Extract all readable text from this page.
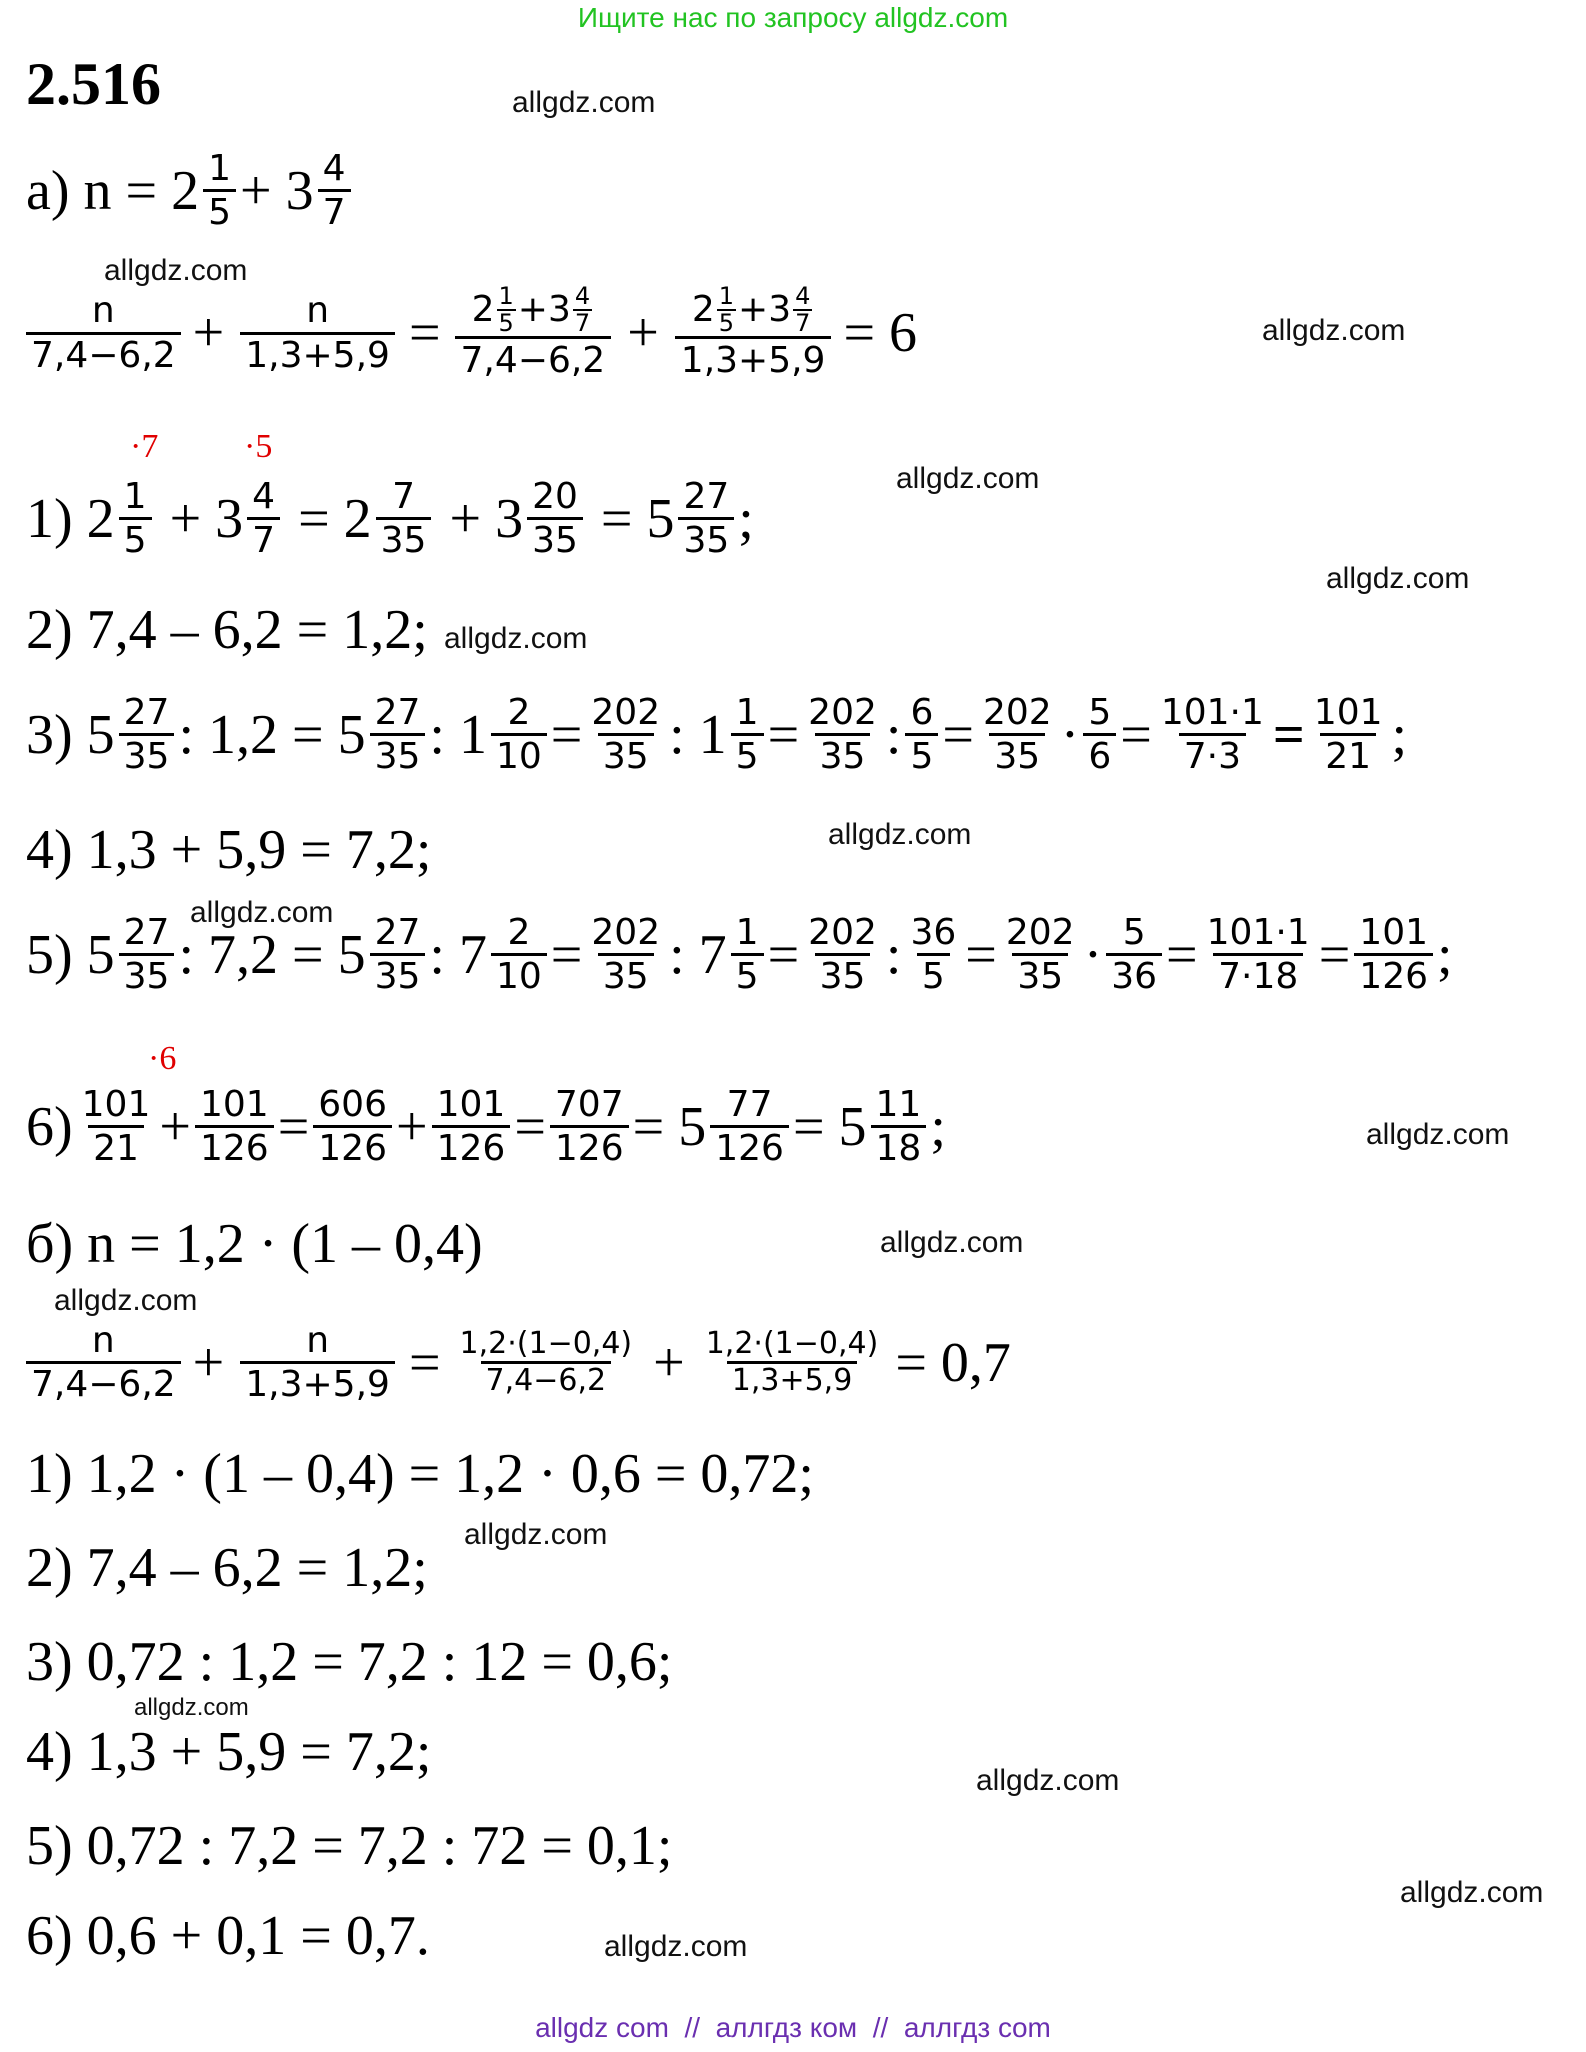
Ищите нас по запросу allgdz.com
2.516	allgdz.com
allgdz.com
allgdz.com
allgdz.com
allgdz.com
allgdz.com
allgdz.com
allgdz.com
allgdz.com
allgdz.com
allgdz.com
allgdz.com
allgdz.com
allgdz.com
allgdz.com
allgdz.com
а) $n = 2 \frac{1}{5} + 3 \frac{4}{7}$
$\frac{n}{7,4-6,2} + \frac{n}{1,3+5,9} = \frac{2 \frac{1}{5} +3 \frac{4}{7}}{7,4-6,2} + \frac{2 \frac{1}{5} +3 \frac{4}{7}}{1,3+5,9} = 6$
·7	·5
1) $2 \frac{1}{5} + 3 \frac{4}{7} = 2 \frac{7}{35} + 3 \frac{20}{35} = 5 \frac{27}{35}$ ;
2) 7,4 – 6,2 = 1,2;
3) $5 \frac{27}{35}$ : $1,2 = 5 \frac{27}{35}$ : $1 \frac{2}{10} = \frac{202}{35}$ : $1 \frac{1}{5} = \frac{202}{35}$ : $\frac{6}{5} = \frac{202}{35} \cdot \frac{5}{6} = \frac{101\cdot 1}{7\cdot 3} = \frac{101}{21}$ ;
4) 1,3 + 5,9 = 7,2;
5) $5 \frac{27}{35}$ : $7,2 = 5 \frac{27}{35}$ : $7 \frac{2}{10} = \frac{202}{35}$ : $7 \frac{1}{5} = \frac{202}{35}$ : $\frac{36}{5} = \frac{202}{35} \cdot \frac{5}{36} = \frac{101\cdot 1}{7\cdot 18} = \frac{101}{126}$ ;
·6
$6) \frac{101}{21} + \frac{101}{126} = \frac{606}{126} + \frac{101}{126} = \frac{707}{126} = 5 \frac{77}{126} = 5 \frac{11}{18}$ ;
б) n = 1,2 · (1 – 0,4)
$\frac{n}{7,4-6,2} + \frac{n}{1,3+5,9} = \frac{1,2\cdot(1-0,4)}{7,4-6,2} + \frac{1,2\cdot(1-0,4)}{1,3+5,9} = 0,7$
1) 1,2 · (1 – 0,4) = 1,2 · 0,6 = 0,72;
2) 7,4 – 6,2 = 1,2;
3) 0,72 : 1,2 = 7,2 : 12 = 0,6;
4) 1,3 + 5,9 = 7,2;
5) 0,72 : 7,2 = 7,2 : 72 = 0,1;
6) 0,6 + 0,1 = 0,7.
allgdz com  //  аллгдз ком  //  аллгдз com
